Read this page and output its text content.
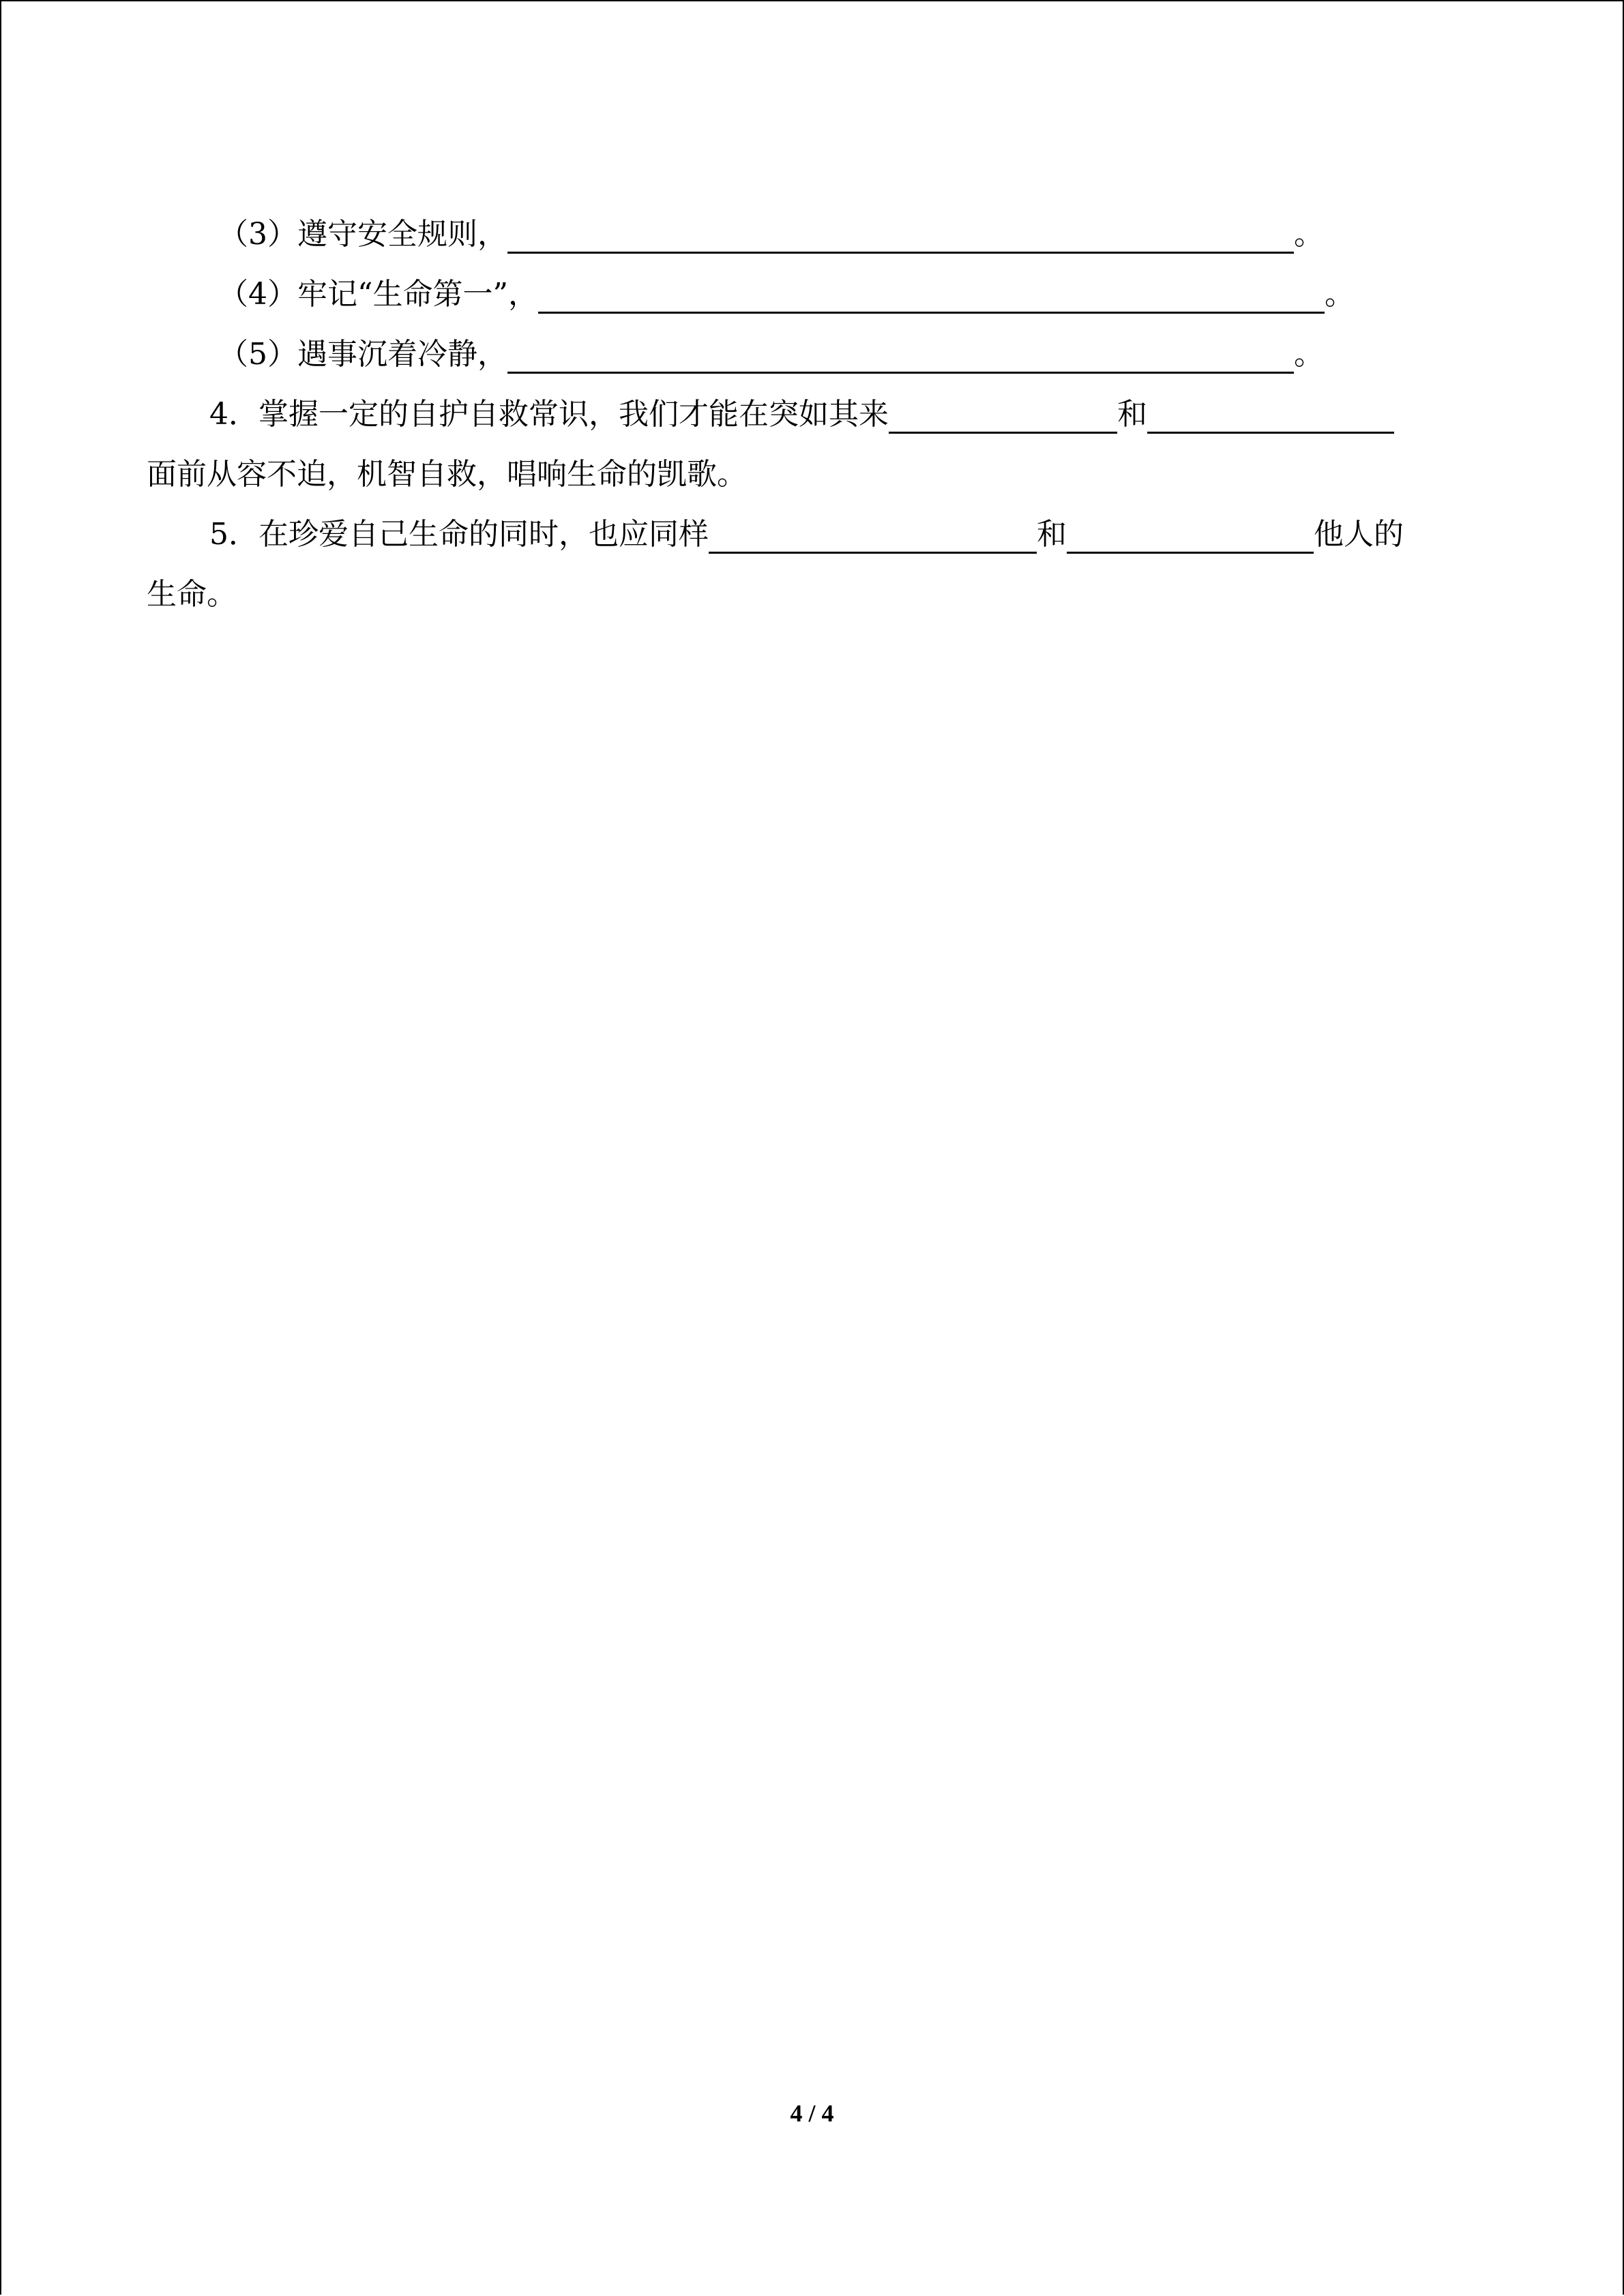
（3）遵守安全规则，	。
（4）牢记“生命第一”，	。
（5）遇事沉着冷静，	。
4．掌握一定的自护自救常识，我们才能在突如其来	和
面前从容不迫，机智自救，唱响生命的凯歌。
5．在珍爱自己生命的同时，也应同样	和	他人的
生命。
4 / 4
